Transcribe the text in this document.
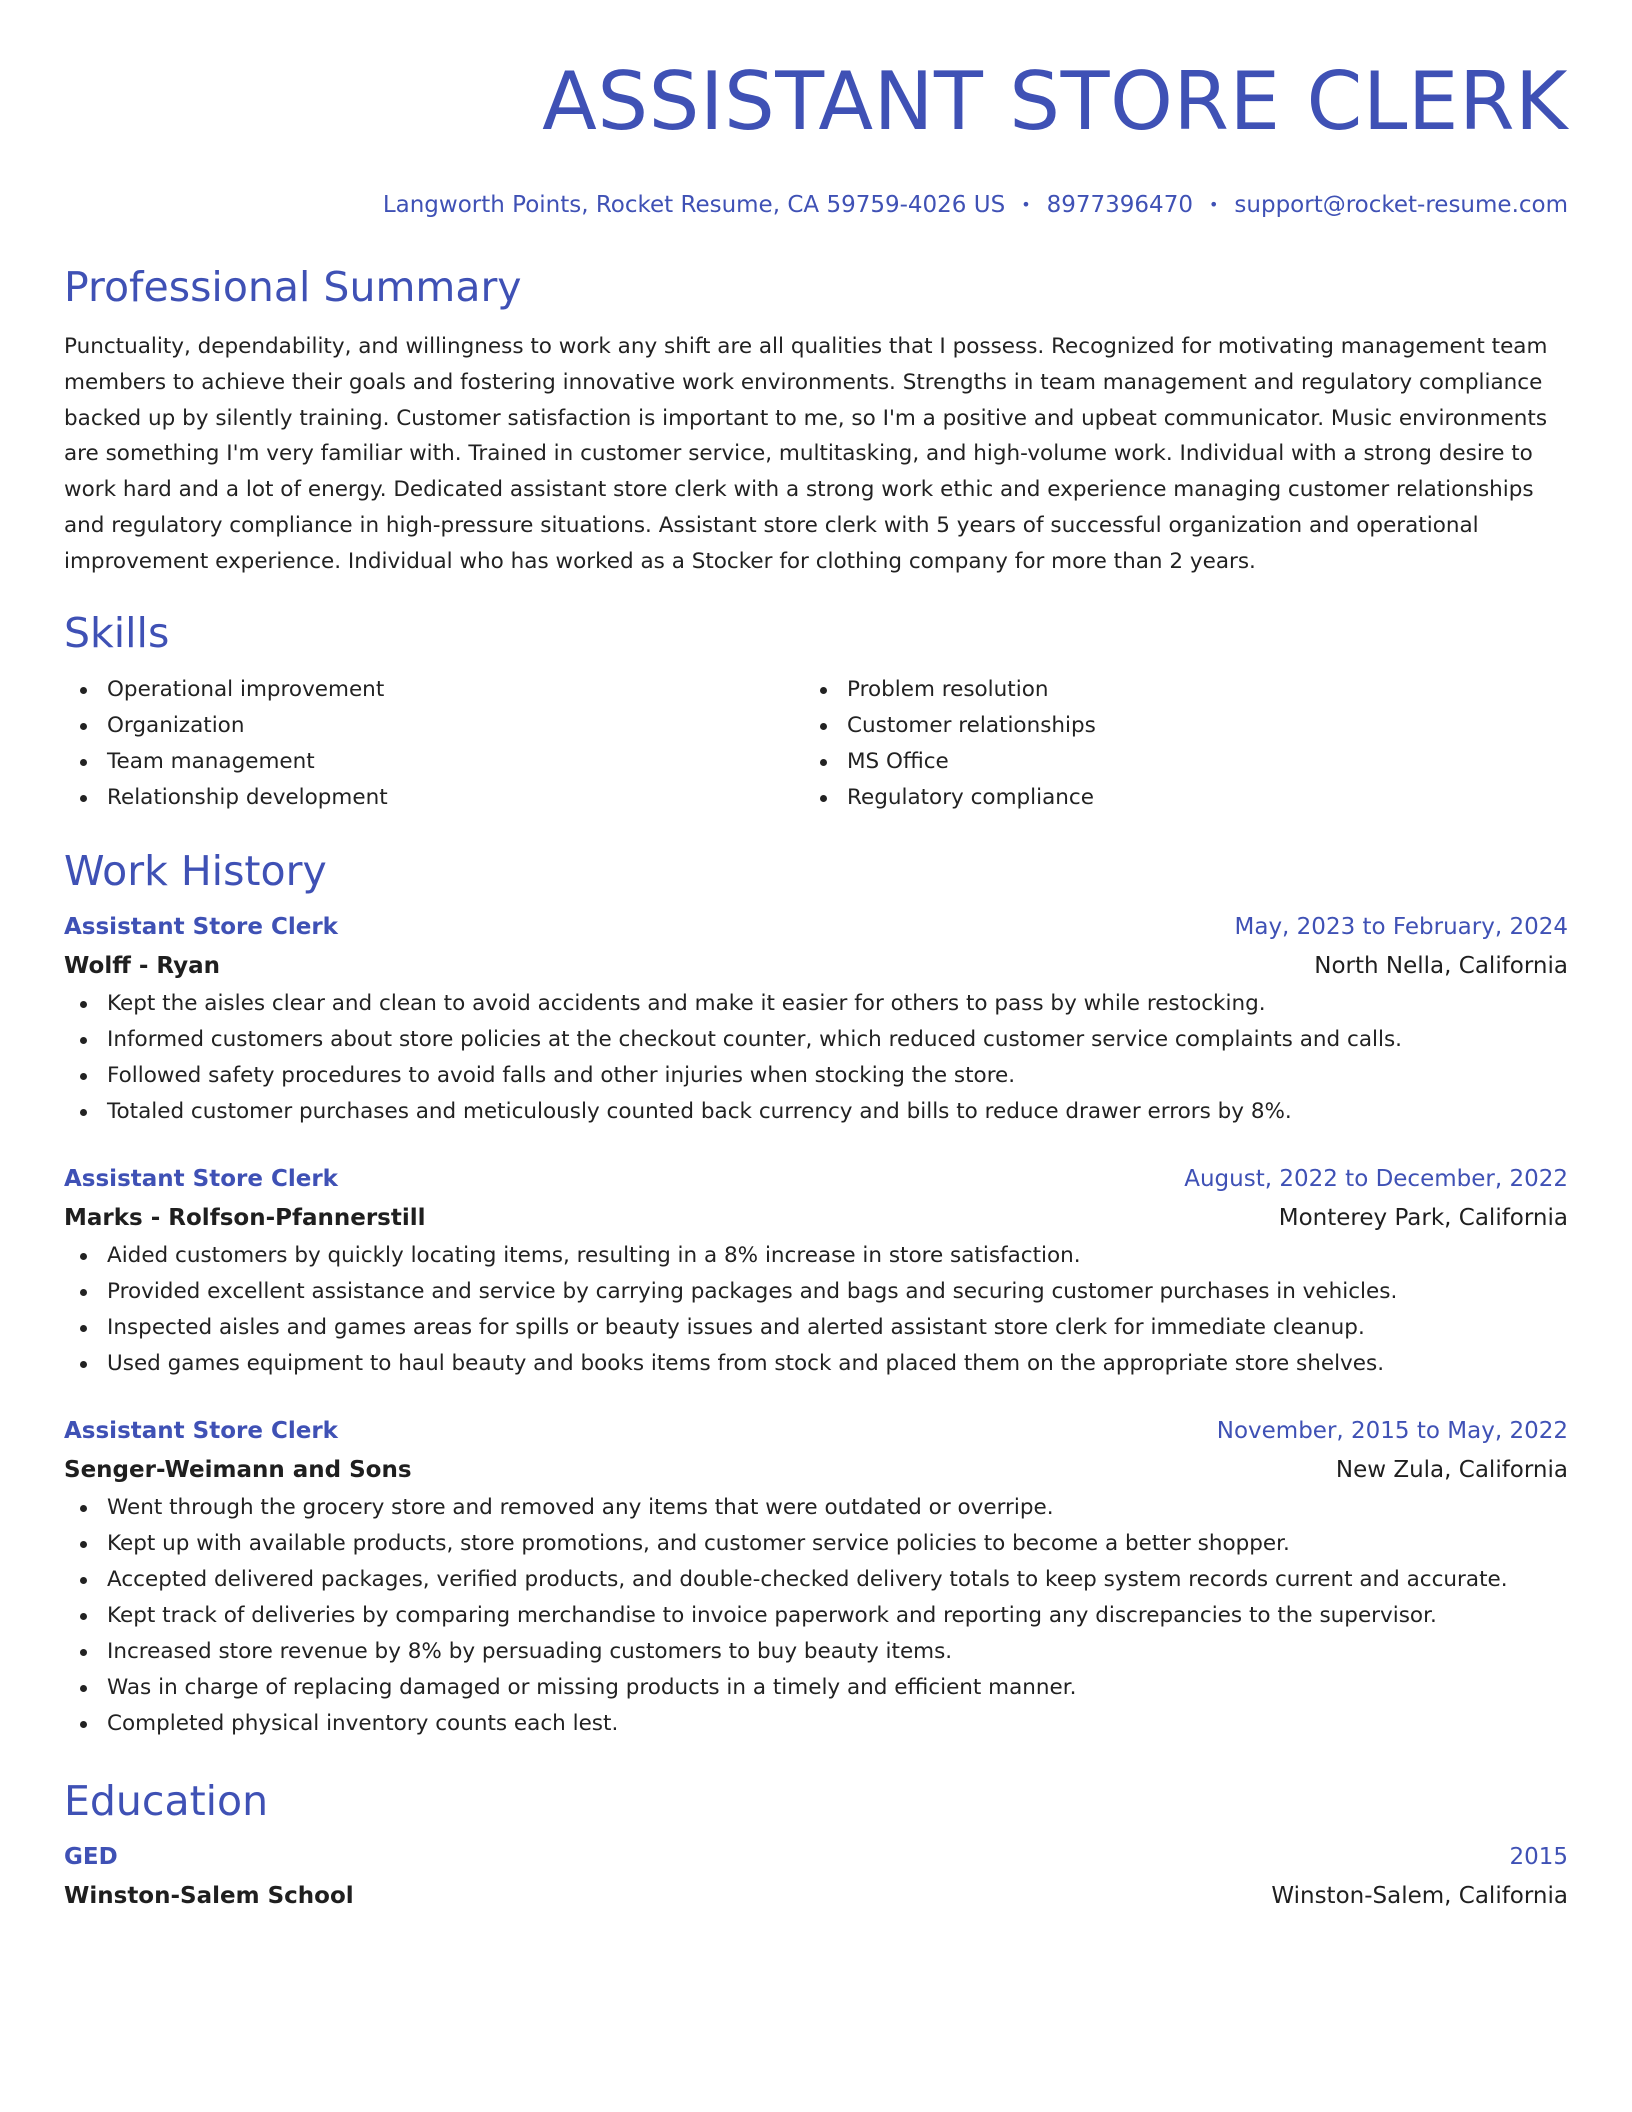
ASSISTANT STORE CLERK
Langworth Points, Rocket Resume, CA 59759-4026 US • 8977396470 • support@rocket-resume.com
Professional Summary

Punctuality, dependability, and willingness to work any shift are all qualities that I possess. Recognized for motivating management team members to achieve their goals and fostering innovative work environments. Strengths in team management and regulatory compliance backed up by silently training. Customer satisfaction is important to me, so I'm a positive and upbeat communicator. Music environments are something I'm very familiar with. Trained in customer service, multitasking, and high-volume work. Individual with a strong desire to work hard and a lot of energy. Dedicated assistant store clerk with a strong work ethic and experience managing customer relationships and regulatory compliance in high-pressure situations. Assistant store clerk with 5 years of successful organization and operational improvement experience. Individual who has worked as a Stocker for clothing company for more than 2 years.

Skills
Operational improvement
Organization
Team management
Relationship development
Problem resolution
Customer relationships
MS Office
Regulatory compliance
Work History
Assistant Store Clerk	May, 2023 to February, 2024
Wolff - Ryan	North Nella, California
Kept the aisles clear and clean to avoid accidents and make it easier for others to pass by while restocking.
Informed customers about store policies at the checkout counter, which reduced customer service complaints and calls.
Followed safety procedures to avoid falls and other injuries when stocking the store.
Totaled customer purchases and meticulously counted back currency and bills to reduce drawer errors by 8%.
Assistant Store Clerk	August, 2022 to December, 2022
Marks - Rolfson-Pfannerstill	Monterey Park, California
Aided customers by quickly locating items, resulting in a 8% increase in store satisfaction.
Provided excellent assistance and service by carrying packages and bags and securing customer purchases in vehicles.
Inspected aisles and games areas for spills or beauty issues and alerted assistant store clerk for immediate cleanup.
Used games equipment to haul beauty and books items from stock and placed them on the appropriate store shelves.
Assistant Store Clerk	November, 2015 to May, 2022
Senger-Weimann and Sons	New Zula, California
Went through the grocery store and removed any items that were outdated or overripe.
Kept up with available products, store promotions, and customer service policies to become a better shopper.
Accepted delivered packages, verified products, and double-checked delivery totals to keep system records current and accurate.
Kept track of deliveries by comparing merchandise to invoice paperwork and reporting any discrepancies to the supervisor.
Increased store revenue by 8% by persuading customers to buy beauty items.
Was in charge of replacing damaged or missing products in a timely and efficient manner.
Completed physical inventory counts each lest.
Education
GED	2015
Winston-Salem School	Winston-Salem, California
